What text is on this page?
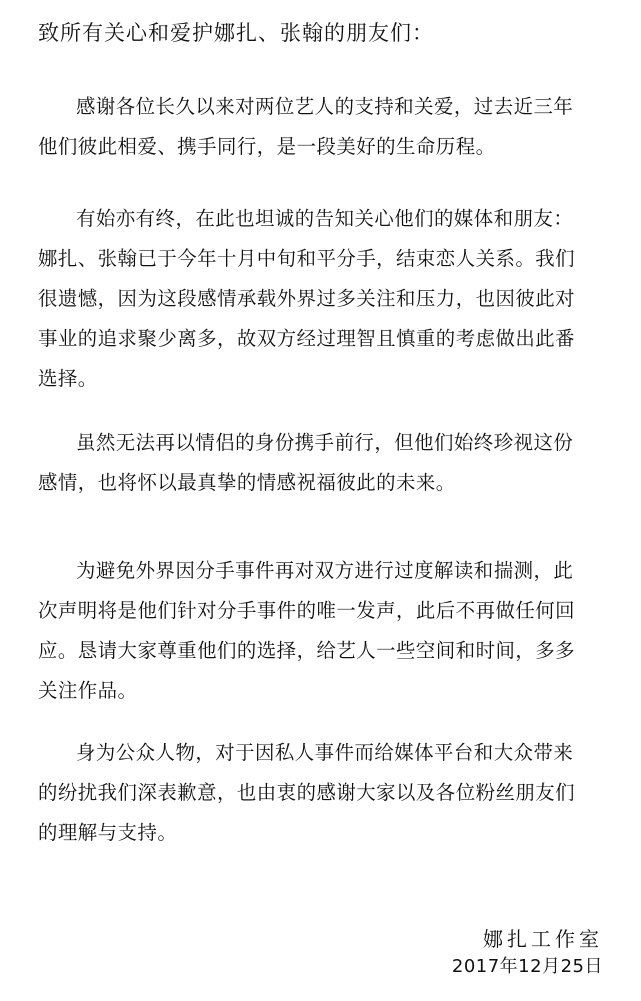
致所有关心和爱护娜扎、张翰的朋友们：

感谢各位长久以来对两位艺人的支持和关爱，过去近三年
他们彼此相爱、携手同行，是一段美好的生命历程。

有始亦有终，在此也坦诚的告知关心他们的媒体和朋友：
娜扎、张翰已于今年十月中旬和平分手，结束恋人关系。我们
很遗憾，因为这段感情承载外界过多关注和压力，也因彼此对
事业的追求聚少离多，故双方经过理智且慎重的考虑做出此番
选择。

虽然无法再以情侣的身份携手前行，但他们始终珍视这份
感情，也将怀以最真挚的情感祝福彼此的未来。

为避免外界因分手事件再对双方进行过度解读和揣测，此
次声明将是他们针对分手事件的唯一发声，此后不再做任何回
应。恳请大家尊重他们的选择，给艺人一些空间和时间，多多
关注作品。

身为公众人物，对于因私人事件而给媒体平台和大众带来
的纷扰我们深表歉意，也由衷的感谢大家以及各位粉丝朋友们
的理解与支持。

娜扎工作室
2017年12月25日
